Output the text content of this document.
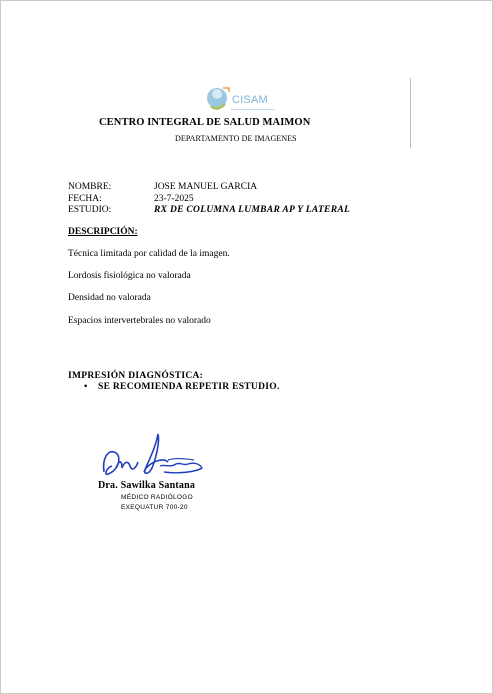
CISAM
CENTRO INTEGRAL DE SALUD MAIMON
DEPARTAMENTO DE IMAGENES
NOMBRE:	JOSE MANUEL GARCIA
FECHA:	23-7-2025
ESTUDIO:	RX DE COLUMNA LUMBAR AP Y LATERAL
DESCRIPCIÓN:
Técnica limitada por calidad de la imagen.
Lordosis fisiológica no valorada
Densidad no valorada
Espacios intervertebrales no valorado
IMPRESIÓN DIAGNÓSTICA:
• SE RECOMIENDA REPETIR ESTUDIO.
Dra. Sawilka Santana
MÉDICO RADIÓLOGO
EXEQUATUR 700-20
